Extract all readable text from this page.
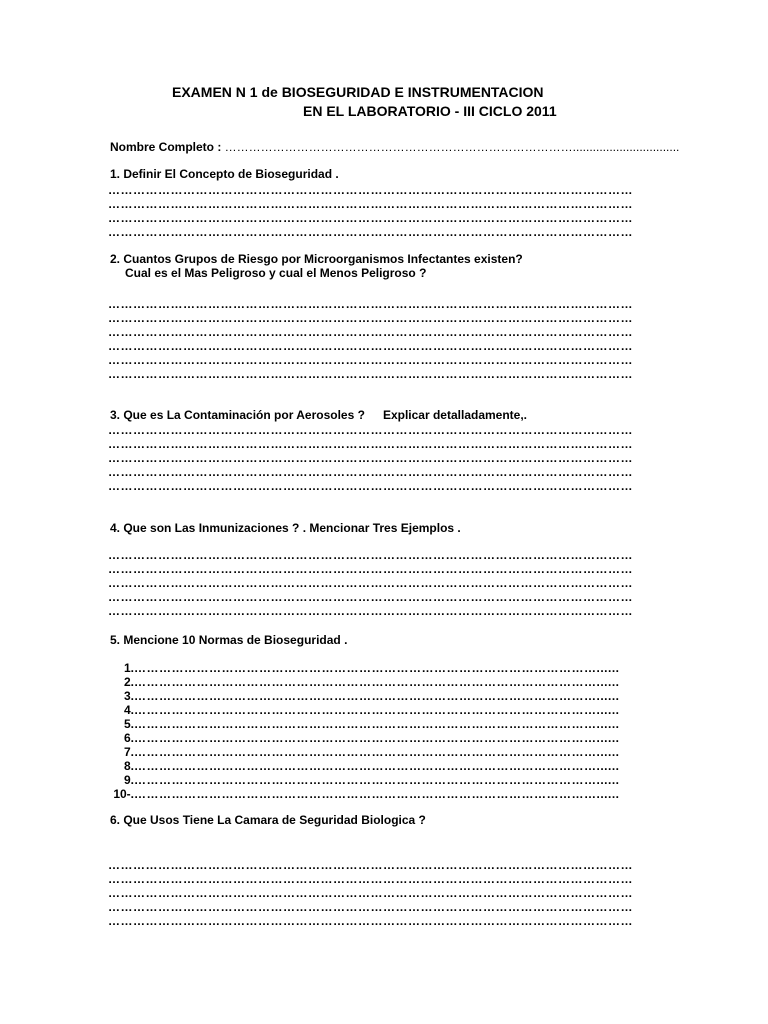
EXAMEN N 1 de BIOSEGURIDAD E INSTRUMENTACION
EN EL LABORATORIO - III CICLO 2011
Nombre Completo : ……………………………………………………………………………................................
1. Definir El Concepto de Bioseguridad .
………………………………………………………………………………………………………………
………………………………………………………………………………………………………………
………………………………………………………………………………………………………………
………………………………………………………………………………………………………………
2. Cuantos Grupos de Riesgo por Microorganismos Infectantes existen?
Cual es el Mas Peligroso y cual el Menos Peligroso ?
………………………………………………………………………………………………………………
………………………………………………………………………………………………………………
………………………………………………………………………………………………………………
………………………………………………………………………………………………………………
………………………………………………………………………………………………………………
………………………………………………………………………………………………………………
3. Que es La Contaminación por Aerosoles ? Explicar detalladamente,.
………………………………………………………………………………………………………………
………………………………………………………………………………………………………………
………………………………………………………………………………………………………………
………………………………………………………………………………………………………………
………………………………………………………………………………………………………………
4. Que son Las Inmunizaciones ? . Mencionar Tres Ejemplos .
………………………………………………………………………………………………………………
………………………………………………………………………………………………………………
………………………………………………………………………………………………………………
………………………………………………………………………………………………………………
………………………………………………………………………………………………………………
5. Mencione 10 Normas de Bioseguridad .
1.…………………………………………………………………………………………………......
2.…………………………………………………………………………………………………......
3.…………………………………………………………………………………………………......
4.…………………………………………………………………………………………………......
5.…………………………………………………………………………………………………......
6.…………………………………………………………………………………………………......
7.…………………………………………………………………………………………………......
8.…………………………………………………………………………………………………......
9.…………………………………………………………………………………………………......
10-.…………………………………………………………………………………………………......
6. Que Usos Tiene La Camara de Seguridad Biologica ?
………………………………………………………………………………………………………………
………………………………………………………………………………………………………………
………………………………………………………………………………………………………………
………………………………………………………………………………………………………………
………………………………………………………………………………………………………………
